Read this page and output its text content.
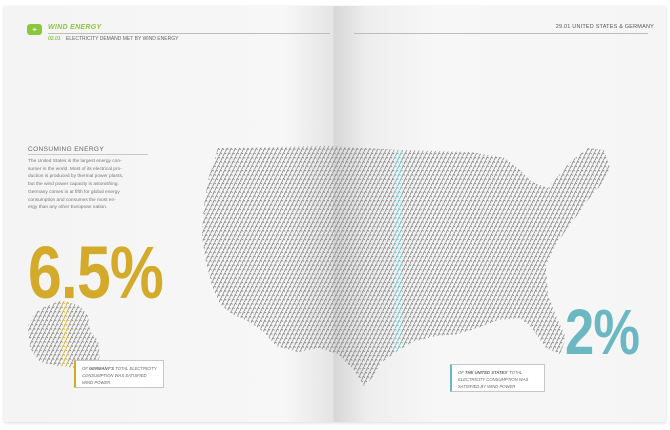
⌖ WIND ENERGY
02.01 ELECTRICITY DEMAND MET BY WIND ENERGY
29.01 UNITED STATES & GERMANY
CONSUMING ENERGY
The United States is the largest energy con-
sumer in the world. Most of its electrical pro-
duction is produced by thermal power plants,
but the wind power capacity is astonishing.
Germany comes in at fifth for global energy
consumption and consumes the most en-
ergy than any other European nation.
6.5%
2%
OF GERMANY'S TOTAL ELECTRICITY
CONSUMPTION WAS SATISFIED
WIND POWER.
OF THE UNITED STATES' TOTAL
ELECTRICITY CONSUMPTION WAS
SATISFIED BY WIND POWER
